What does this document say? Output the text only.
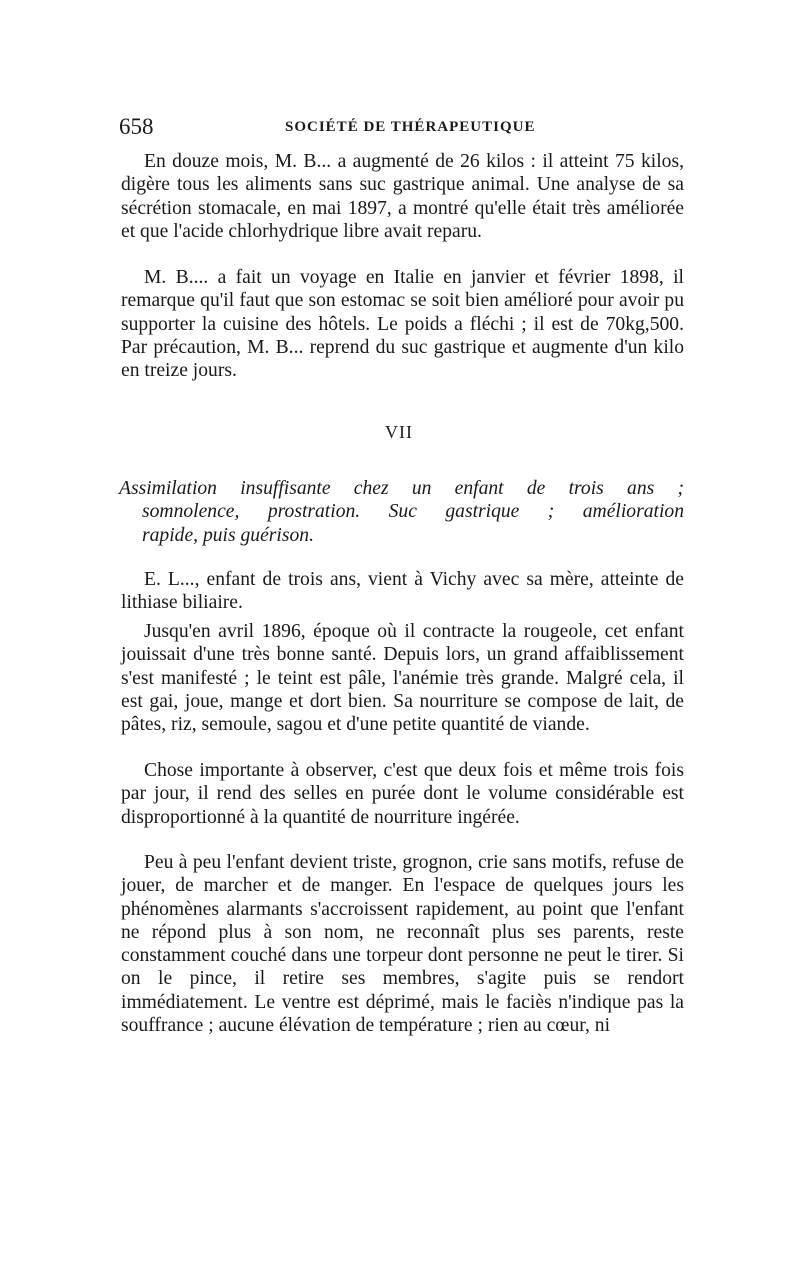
658	SOCIÉTÉ DE THÉRAPEUTIQUE

En douze mois, M. B... a augmenté de 26 kilos : il atteint 75 kilos, digère tous les aliments sans suc gastrique animal. Une analyse de sa sécrétion stomacale, en mai 1897, a montré qu'elle était très améliorée et que l'acide chlorhydrique libre avait reparu.

M. B.... a fait un voyage en Italie en janvier et février 1898, il remarque qu'il faut que son estomac se soit bien amélioré pour avoir pu supporter la cuisine des hôtels. Le poids a fléchi ; il est de 70kg,500. Par précaution, M. B... reprend du suc gastrique et augmente d'un kilo en treize jours.

VII
Assimilation insuffisante chez un enfant de trois ans ;
somnolence, prostration. Suc gastrique ; amélioration
rapide, puis guérison.

E. L..., enfant de trois ans, vient à Vichy avec sa mère, atteinte de lithiase biliaire.

Jusqu'en avril 1896, époque où il contracte la rougeole, cet enfant jouissait d'une très bonne santé. Depuis lors, un grand affaiblissement s'est manifesté ; le teint est pâle, l'anémie très grande. Malgré cela, il est gai, joue, mange et dort bien. Sa nourriture se compose de lait, de pâtes, riz, semoule, sagou et d'une petite quantité de viande.

Chose importante à observer, c'est que deux fois et même trois fois par jour, il rend des selles en purée dont le volume considérable est disproportionné à la quantité de nourriture ingérée.

Peu à peu l'enfant devient triste, grognon, crie sans motifs, refuse de jouer, de marcher et de manger. En l'espace de quelques jours les phénomènes alarmants s'accroissent rapidement, au point que l'enfant ne répond plus à son nom, ne reconnaît plus ses parents, reste constamment couché dans une torpeur dont personne ne peut le tirer. Si on le pince, il retire ses membres, s'agite puis se rendort immédiatement. Le ventre est déprimé, mais le faciès n'indique pas la souffrance ; aucune élévation de température ; rien au cœur, ni
